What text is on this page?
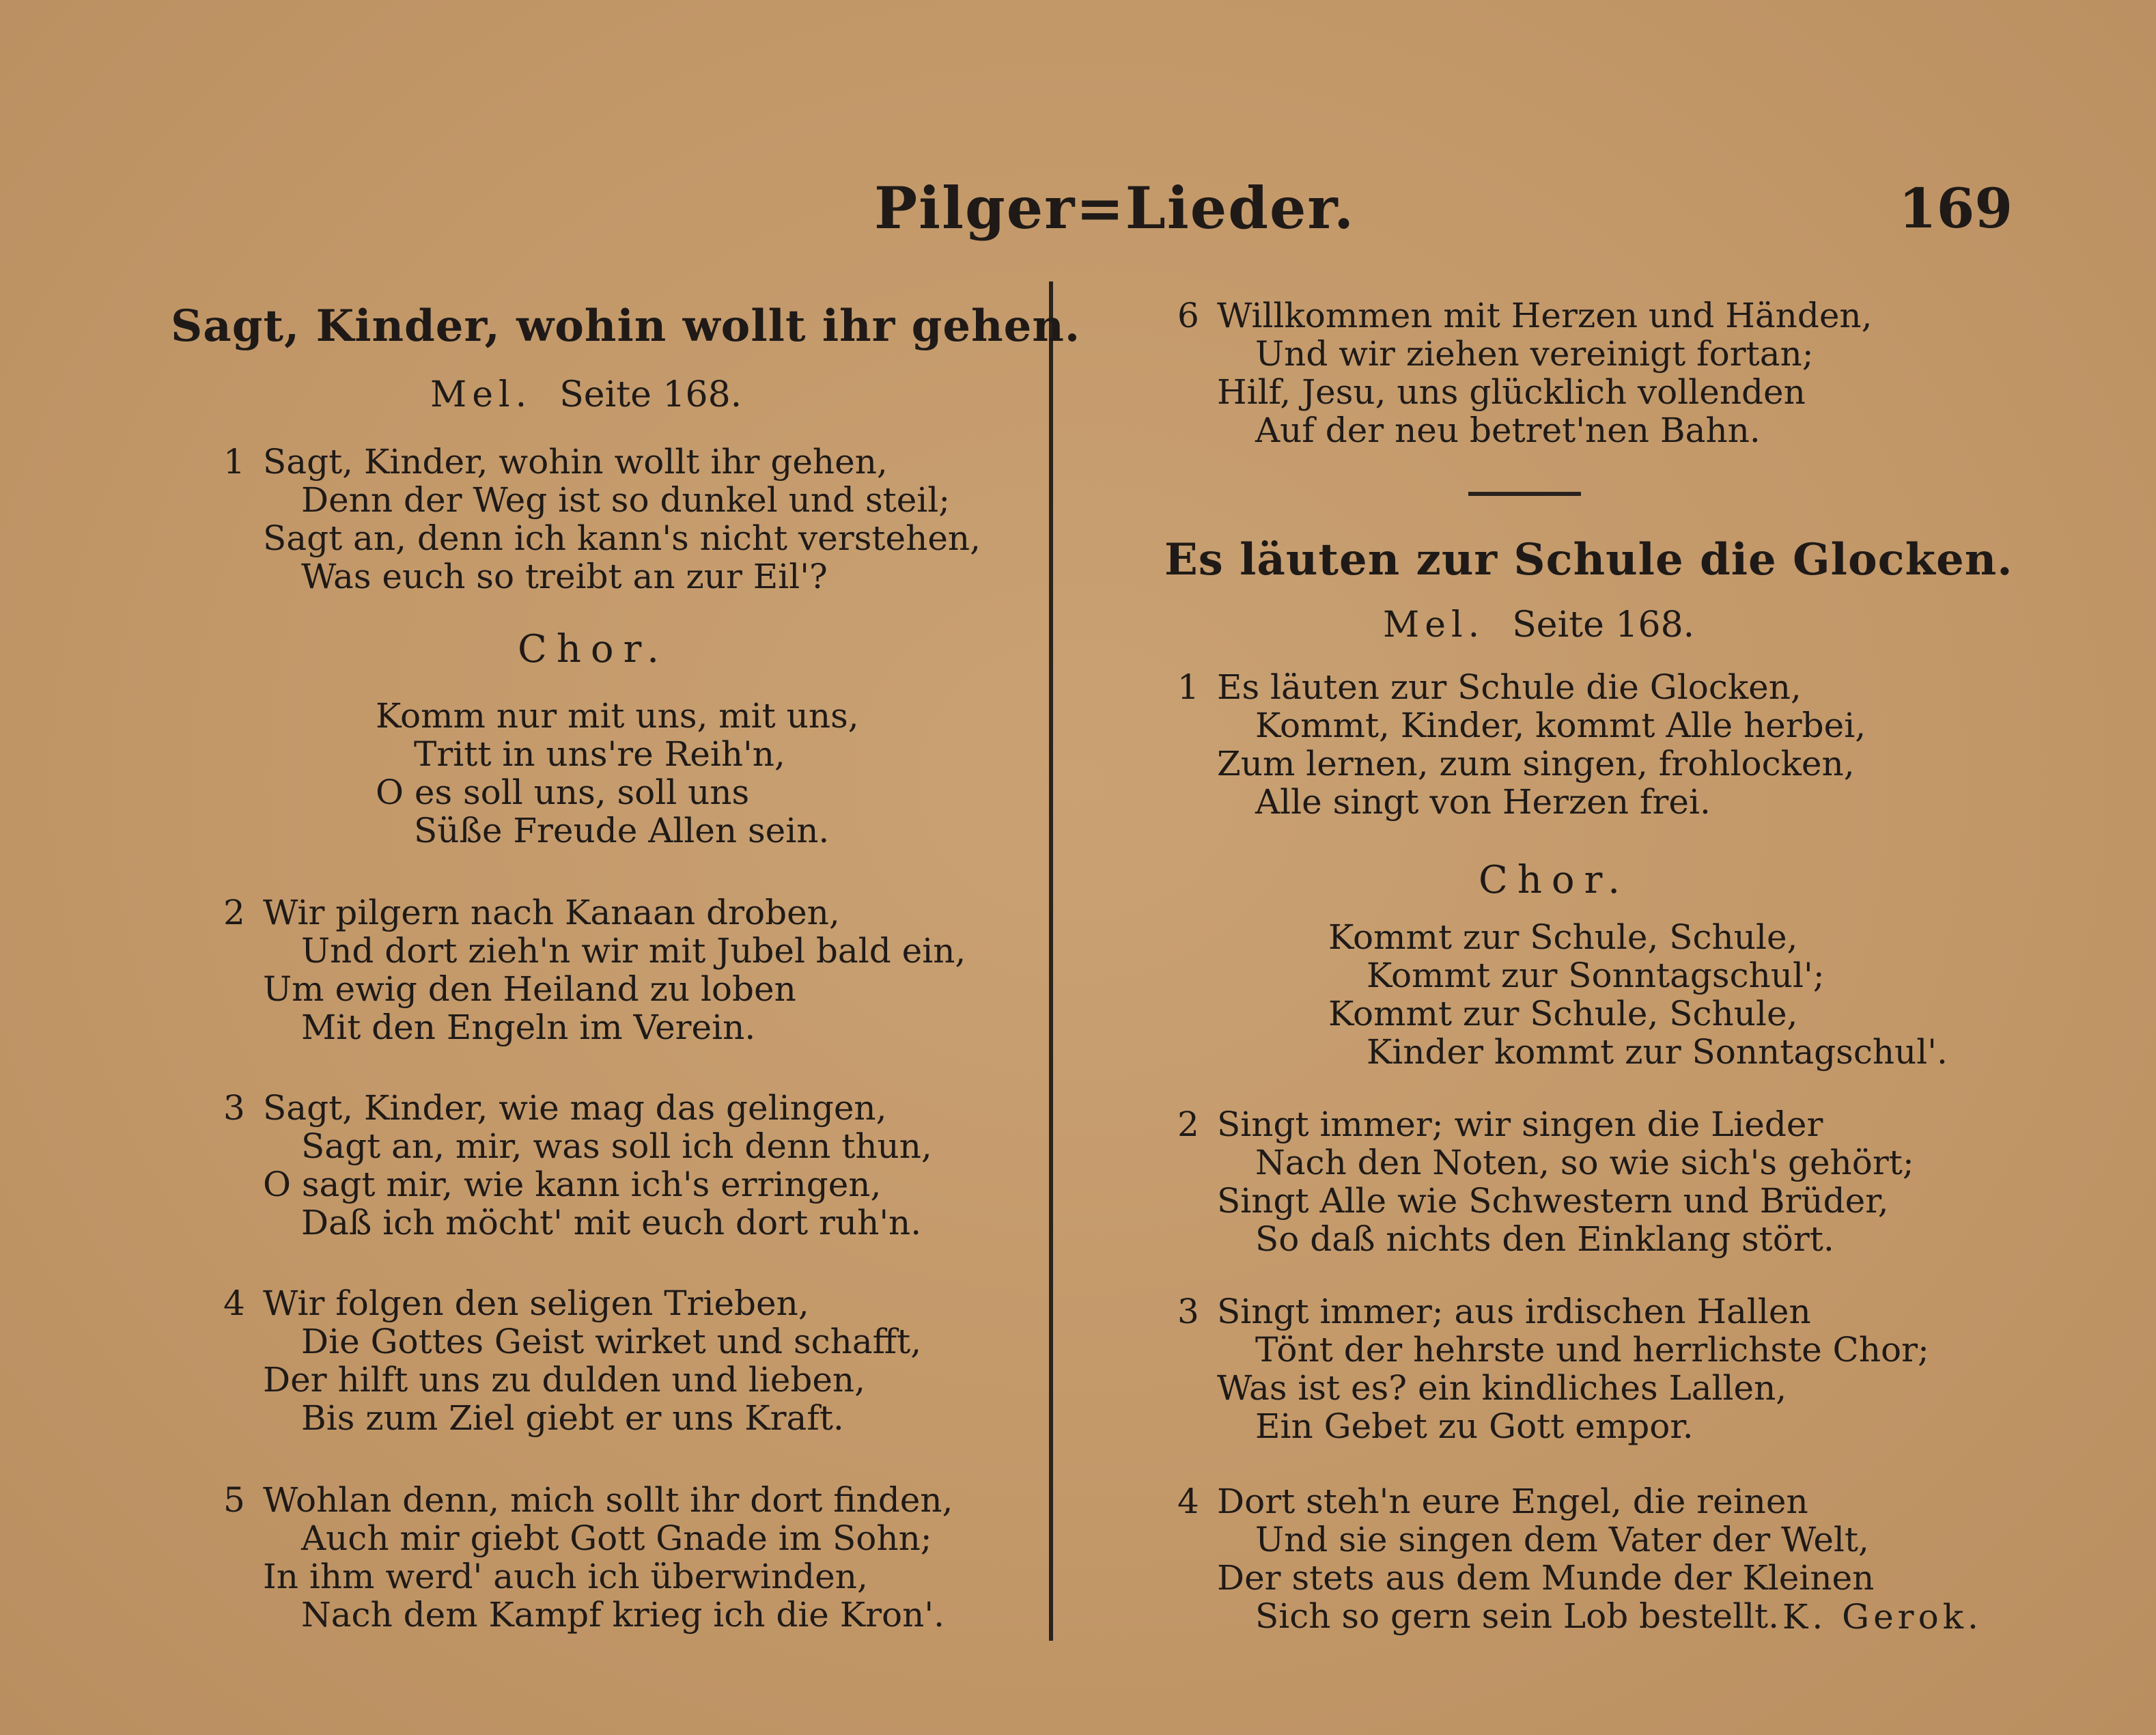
Pilger=Lieder.	169
Sagt, Kinder, wohin wollt ihr gehen.
Mel. Seite 168.
1 Sagt, Kinder, wohin wollt ihr gehen,
Denn der Weg ist so dunkel und steil;
Sagt an, denn ich kann's nicht verstehen,
Was euch so treibt an zur Eil'?
Chor.
Komm nur mit uns, mit uns,
Tritt in uns're Reih'n,
O es soll uns, soll uns
Süße Freude Allen sein.
2 Wir pilgern nach Kanaan droben,
Und dort zieh'n wir mit Jubel bald ein,
Um ewig den Heiland zu loben
Mit den Engeln im Verein.
3 Sagt, Kinder, wie mag das gelingen,
Sagt an, mir, was soll ich denn thun,
O sagt mir, wie kann ich's erringen,
Daß ich möcht' mit euch dort ruh'n.
4 Wir folgen den seligen Trieben,
Die Gottes Geist wirket und schafft,
Der hilft uns zu dulden und lieben,
Bis zum Ziel giebt er uns Kraft.
5 Wohlan denn, mich sollt ihr dort finden,
Auch mir giebt Gott Gnade im Sohn;
In ihm werd' auch ich überwinden,
Nach dem Kampf krieg ich die Kron'.
6 Willkommen mit Herzen und Händen,
Und wir ziehen vereinigt fortan;
Hilf, Jesu, uns glücklich vollenden
Auf der neu betret'nen Bahn.
Es läuten zur Schule die Glocken.
Mel. Seite 168.
1 Es läuten zur Schule die Glocken,
Kommt, Kinder, kommt Alle herbei,
Zum lernen, zum singen, frohlocken,
Alle singt von Herzen frei.
Chor.
Kommt zur Schule, Schule,
Kommt zur Sonntagschul';
Kommt zur Schule, Schule,
Kinder kommt zur Sonntagschul'.
2 Singt immer; wir singen die Lieder
Nach den Noten, so wie sich's gehört;
Singt Alle wie Schwestern und Brüder,
So daß nichts den Einklang stört.
3 Singt immer; aus irdischen Hallen
Tönt der hehrste und herrlichste Chor;
Was ist es? ein kindliches Lallen,
Ein Gebet zu Gott empor.
4 Dort steh'n eure Engel, die reinen
Und sie singen dem Vater der Welt,
Der stets aus dem Munde der Kleinen
Sich so gern sein Lob bestellt. K. Gerok.
